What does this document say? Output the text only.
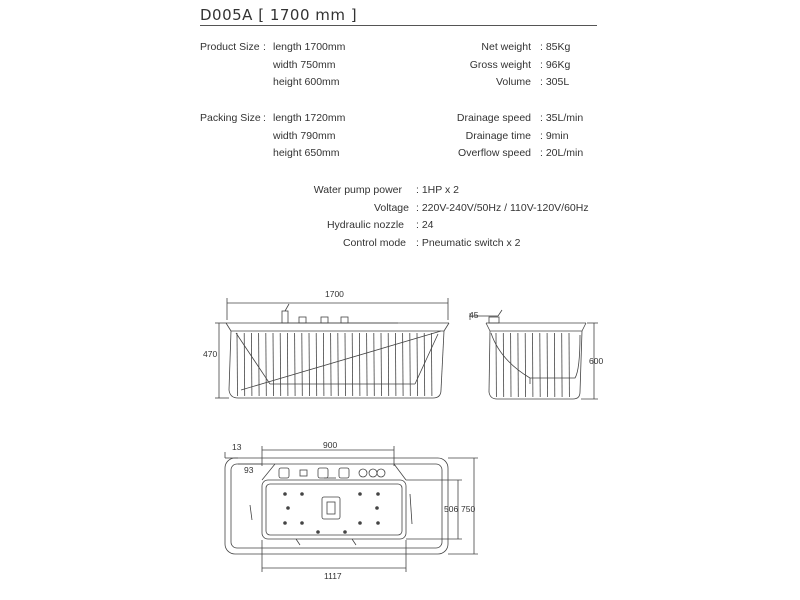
D005A [ 1700 mm ]
Product Size : length 1700mm
width 750mm
height 600mm
Net weight : 85Kg
Gross weight : 96Kg
Volume : 305L
Packing Size : length 1720mm
width 790mm
height 650mm
Drainage speed : 35L/min
Drainage time : 9min
Overflow speed : 20L/min
Water pump power : 1HP x 2
Voltage : 220V-240V/50Hz / 110V-120V/60Hz
Hydraulic nozzle : 24
Control mode : Pneumatic switch x 2
1700
470
45
600
13
93
900
506 750
1117
